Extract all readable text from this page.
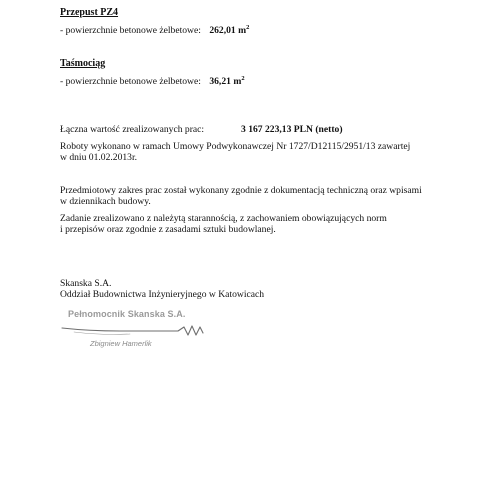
Przepust PZ4
- powierzchnie betonowe żelbetowe: 262,01 $m^2$
Taśmociąg
- powierzchnie betonowe żelbetowe: 36,21 $m^2$
Łączna wartość zrealizowanych prac:	3 167 223,13 PLN (netto)
Roboty wykonano w ramach Umowy Podwykonawczej Nr 1727/D12115/2951/13 zawartej
w dniu 01.02.2013r.
Przedmiotowy zakres prac został wykonany zgodnie z dokumentacją techniczną oraz wpisami
w dziennikach budowy.
Zadanie zrealizowano z należytą starannością, z zachowaniem obowiązujących norm
i przepisów oraz zgodnie z zasadami sztuki budowlanej.
Skanska S.A.
Oddział Budownictwa Inżynieryjnego w Katowicach
Pełnomocnik Skanska S.A.
Zbigniew Hamerlik
